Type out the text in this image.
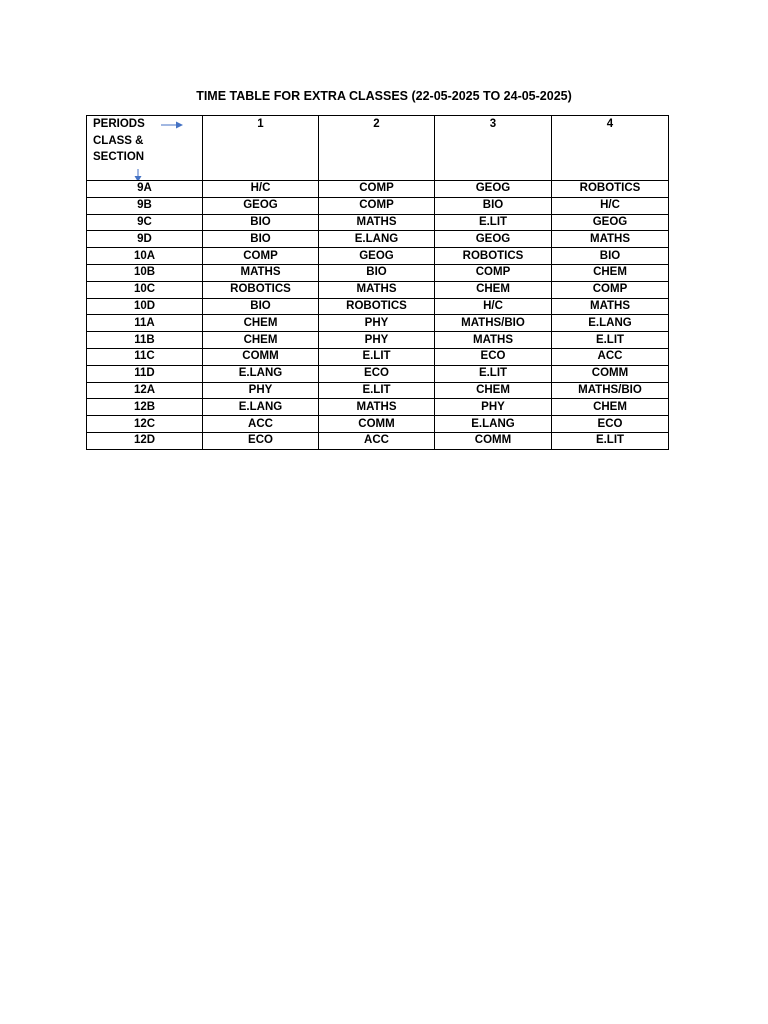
TIME TABLE FOR EXTRA CLASSES (22-05-2025 TO 24-05-2025)
PERIODS
CLASS &
SECTION	1	2	3	4
9A	H/C	COMP	GEOG	ROBOTICS
9B	GEOG	COMP	BIO	H/C
9C	BIO	MATHS	E.LIT	GEOG
9D	BIO	E.LANG	GEOG	MATHS
10A	COMP	GEOG	ROBOTICS	BIO
10B	MATHS	BIO	COMP	CHEM
10C	ROBOTICS	MATHS	CHEM	COMP
10D	BIO	ROBOTICS	H/C	MATHS
11A	CHEM	PHY	MATHS/BIO	E.LANG
11B	CHEM	PHY	MATHS	E.LIT
11C	COMM	E.LIT	ECO	ACC
11D	E.LANG	ECO	E.LIT	COMM
12A	PHY	E.LIT	CHEM	MATHS/BIO
12B	E.LANG	MATHS	PHY	CHEM
12C	ACC	COMM	E.LANG	ECO
12D	ECO	ACC	COMM	E.LIT
